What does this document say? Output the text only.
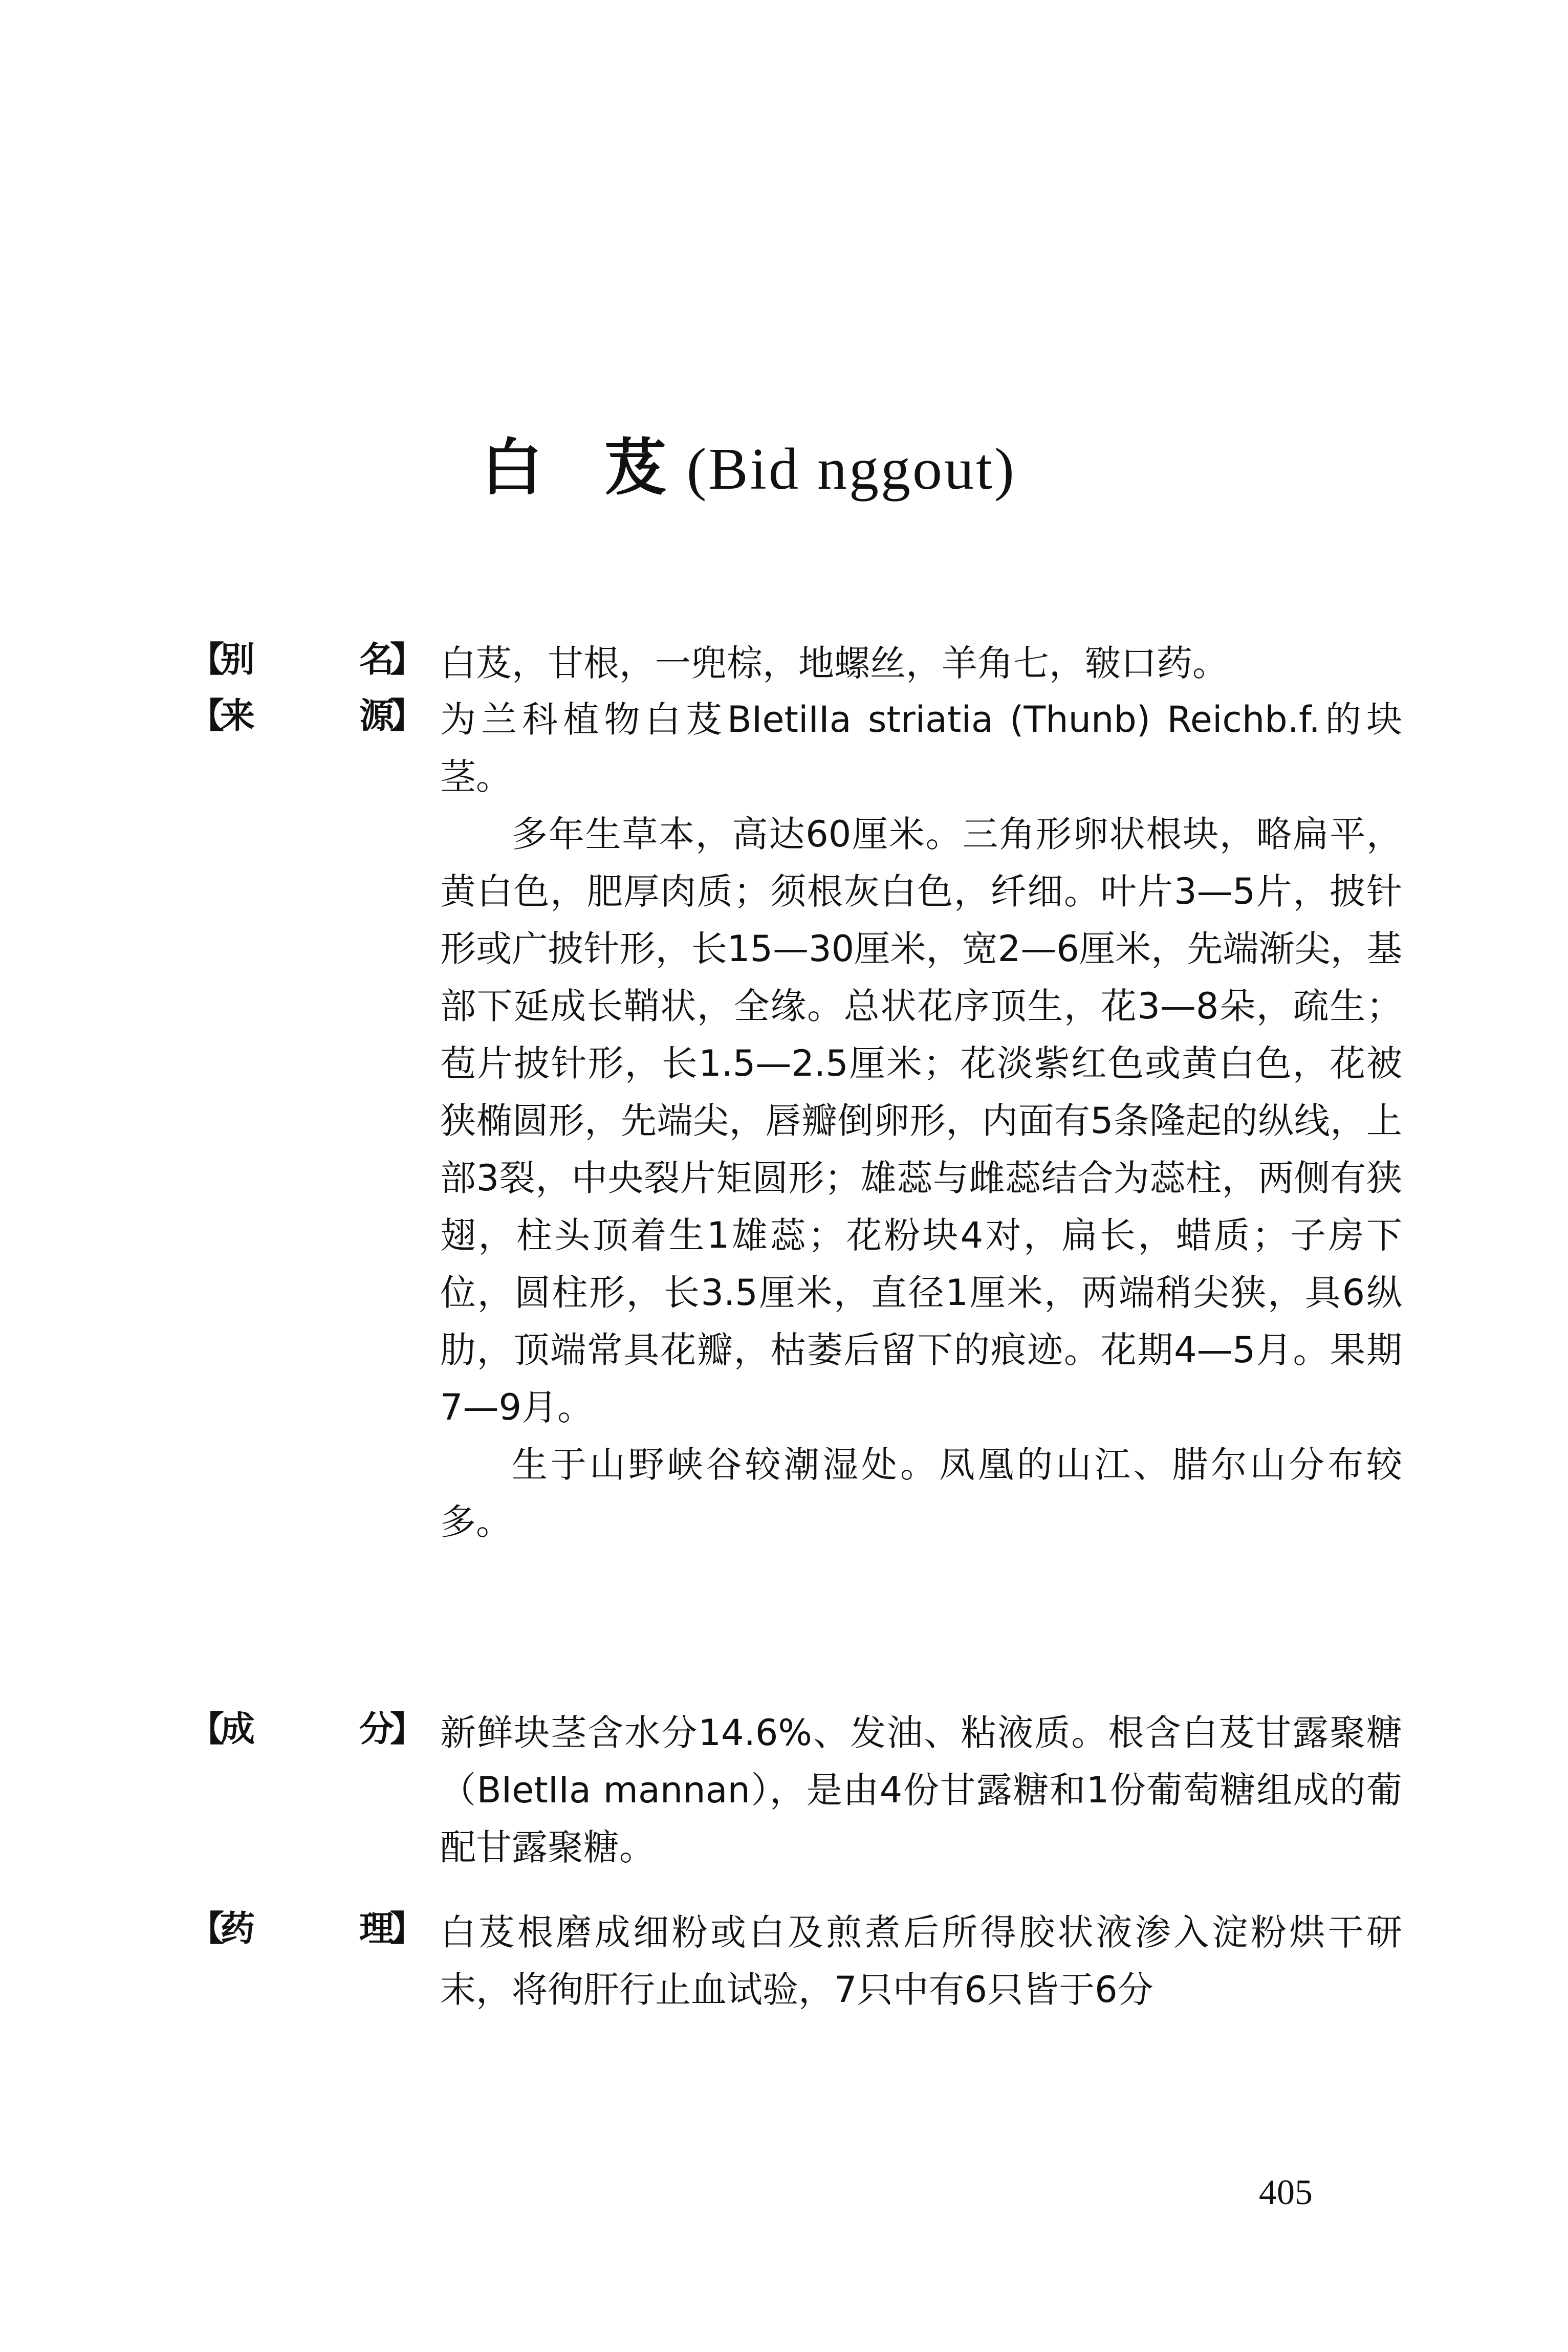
白 芨(Bid nggout)
【
别	名
】 白芨，甘根，一兜棕，地螺丝，羊角七，皲口药。

【
来	源
】 为兰科植物白芨BIetiIIa striatia (Thunb) Reichb.f.的块茎。

多年生草本，高达60厘米。三角形卵状根块，略扁平，黄白色，肥厚肉质；须根灰白色，纤细。叶片3—5片，披针形或广披针形，长15—30厘米，宽2—6厘米，先端渐尖，基部下延成长鞘状，全缘。总状花序顶生，花3—8朵，疏生；苞片披针形，长1.5—2.5厘米；花淡紫红色或黄白色，花被狭椭圆形，先端尖，唇瓣倒卵形，内面有5条隆起的纵线，上部3裂，中央裂片矩圆形；雄蕊与雌蕊结合为蕊柱，两侧有狭翅，柱头顶着生1雄蕊；花粉块4对，扁长，蜡质；子房下位，圆柱形，长3.5厘米，直径1厘米，两端稍尖狭，具6纵肋，顶端常具花瓣，枯萎后留下的痕迹。花期4—5月。果期7—9月。

生于山野峡谷较潮湿处。凤凰的山江、腊尔山分布较多。

【
成	分
】 新鲜块茎含水分14.6%、发油、粘液质。根含白芨甘露聚糖（BIetIIa mannan），是由4份甘露糖和1份葡萄糖组成的葡配甘露聚糖。

【
药	理
】 白芨根磨成细粉或白及煎煮后所得胶状液渗入淀粉烘干研末，将徇肝行止血试验，7只中有6只皆于6分

405
